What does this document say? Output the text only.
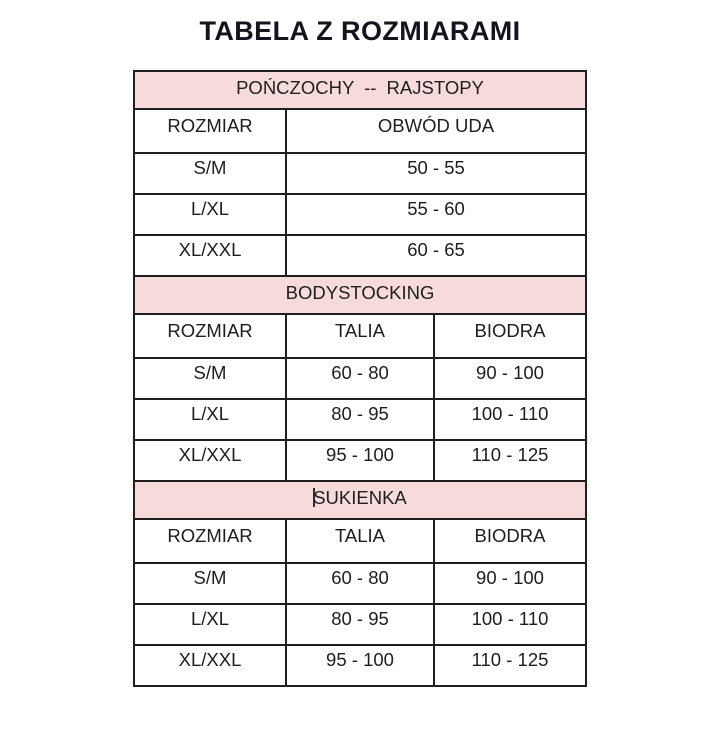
TABELA Z ROZMIARAMI
POŃCZOCHY -- RAJSTOPY		
ROZMIAR	OBWÓD UDA	
S/M	50 - 55	
L/XL	55 - 60	
XL/XXL	60 - 65	
BODYSTOCKING		
ROZMIAR	TALIA	BIODRA
S/M	60 - 80	90 - 100
L/XL	80 - 95	100 - 110
XL/XXL	95 - 100	110 - 125
SUKIENKA		
ROZMIAR	TALIA	BIODRA
S/M	60 - 80	90 - 100
L/XL	80 - 95	100 - 110
XL/XXL	95 - 100	110 - 125
